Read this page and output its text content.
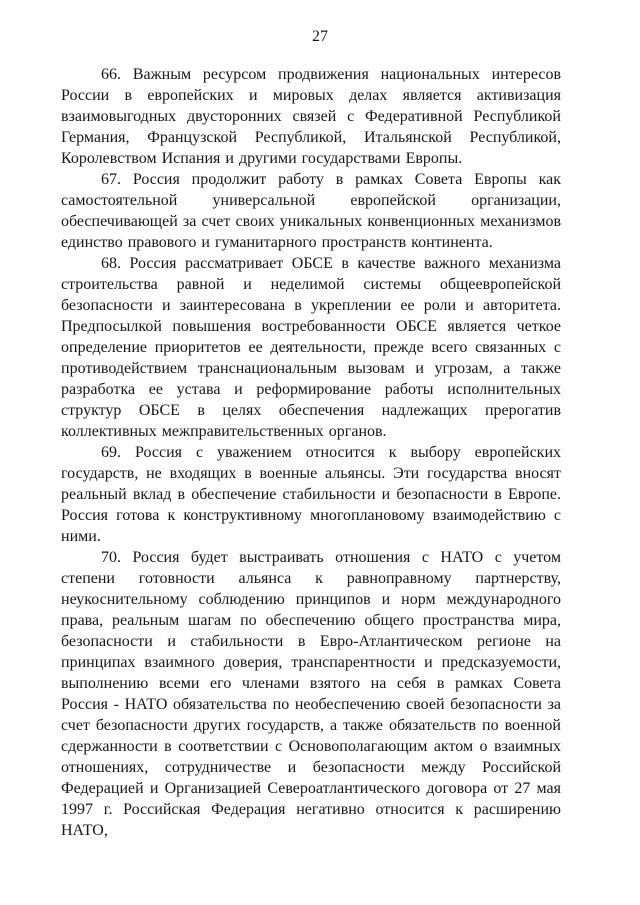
27

66. Важным ресурсом продвижения национальных интересов России в европейских и мировых делах является активизация взаимовыгодных двусторонних связей с Федеративной Республикой Германия, Французской Республикой, Итальянской Республикой, Королевством Испания и другими государствами Европы.

67. Россия продолжит работу в рамках Совета Европы как самостоятельной универсальной европейской организации, обеспечивающей за счет своих уникальных конвенционных механизмов единство правового и гуманитарного пространств континента.

68. Россия рассматривает ОБСЕ в качестве важного механизма строительства равной и неделимой системы общеевропейской безопасности и заинтересована в укреплении ее роли и авторитета. Предпосылкой повышения востребованности ОБСЕ является четкое определение приоритетов ее деятельности, прежде всего связанных с противодействием транснациональным вызовам и угрозам, а также разработка ее устава и реформирование работы исполнительных структур ОБСЕ в целях обеспечения надлежащих прерогатив коллективных межправительственных органов.

69. Россия с уважением относится к выбору европейских государств, не входящих в военные альянсы. Эти государства вносят реальный вклад в обеспечение стабильности и безопасности в Европе. Россия готова к конструктивному многоплановому взаимодействию с ними.

70. Россия будет выстраивать отношения с НАТО с учетом степени готовности альянса к равноправному партнерству, неукоснительному соблюдению принципов и норм международного права, реальным шагам по обеспечению общего пространства мира, безопасности и стабильности в Евро-Атлантическом регионе на принципах взаимного доверия, транспарентности и предсказуемости, выполнению всеми его членами взятого на себя в рамках Совета Россия - НАТО обязательства по необеспечению своей безопасности за счет безопасности других государств, а также обязательств по военной сдержанности в соответствии с Основополагающим актом о взаимных отношениях, сотрудничестве и безопасности между Российской Федерацией и Организацией Североатлантического договора от 27 мая 1997 г. Российская Федерация негативно относится к расширению НАТО,
